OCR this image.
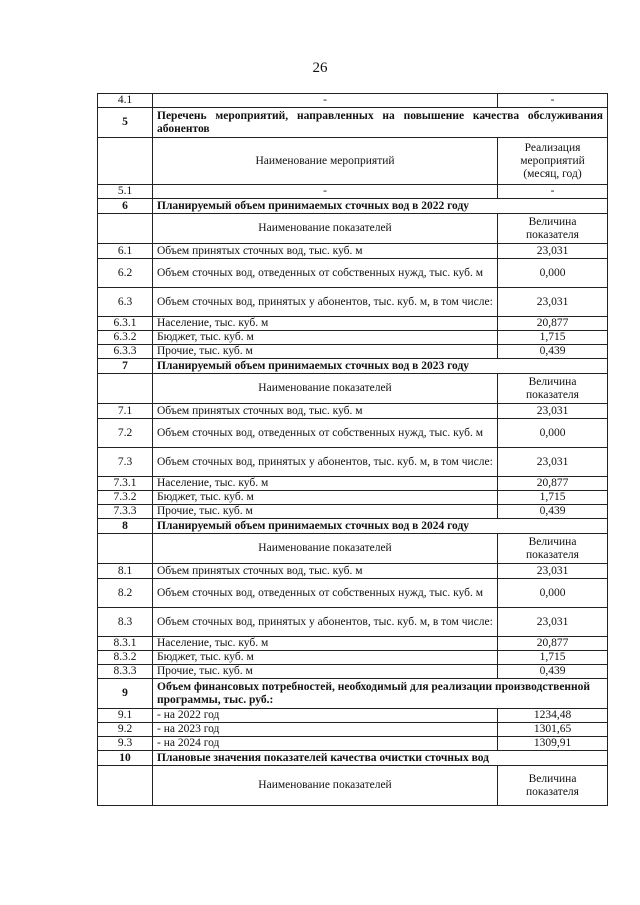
26
4.1	-	-
5	Перечень мероприятий, направленных на повышение качества обслуживания абонентов	
	Наименование мероприятий	Реализация мероприятий (месяц, год)
5.1	-	-
6	Планируемый объем принимаемых сточных вод в 2022 году	
	Наименование показателей	Величина показателя
6.1	Объем принятых сточных вод, тыс. куб. м	23,031
6.2	Объем сточных вод, отведенных от собственных нужд, тыс. куб. м	0,000
6.3	Объем сточных вод, принятых у абонентов, тыс. куб. м, в том числе:	23,031
6.3.1	Население, тыс. куб. м	20,877
6.3.2	Бюджет, тыс. куб. м	1,715
6.3.3	Прочие, тыс. куб. м	0,439
7	Планируемый объем принимаемых сточных вод в 2023 году	
	Наименование показателей	Величина показателя
7.1	Объем принятых сточных вод, тыс. куб. м	23,031
7.2	Объем сточных вод, отведенных от собственных нужд, тыс. куб. м	0,000
7.3	Объем сточных вод, принятых у абонентов, тыс. куб. м, в том числе:	23,031
7.3.1	Население, тыс. куб. м	20,877
7.3.2	Бюджет, тыс. куб. м	1,715
7.3.3	Прочие, тыс. куб. м	0,439
8	Планируемый объем принимаемых сточных вод в 2024 году	
	Наименование показателей	Величина показателя
8.1	Объем принятых сточных вод, тыс. куб. м	23,031
8.2	Объем сточных вод, отведенных от собственных нужд, тыс. куб. м	0,000
8.3	Объем сточных вод, принятых у абонентов, тыс. куб. м, в том числе:	23,031
8.3.1	Население, тыс. куб. м	20,877
8.3.2	Бюджет, тыс. куб. м	1,715
8.3.3	Прочие, тыс. куб. м	0,439
9	Объем финансовых потребностей, необходимый для реализации производственной программы, тыс. руб.:	
9.1	- на 2022 год	1234,48
9.2	- на 2023 год	1301,65
9.3	- на 2024 год	1309,91
10	Плановые значения показателей качества очистки сточных вод	
	Наименование показателей	Величина показателя
